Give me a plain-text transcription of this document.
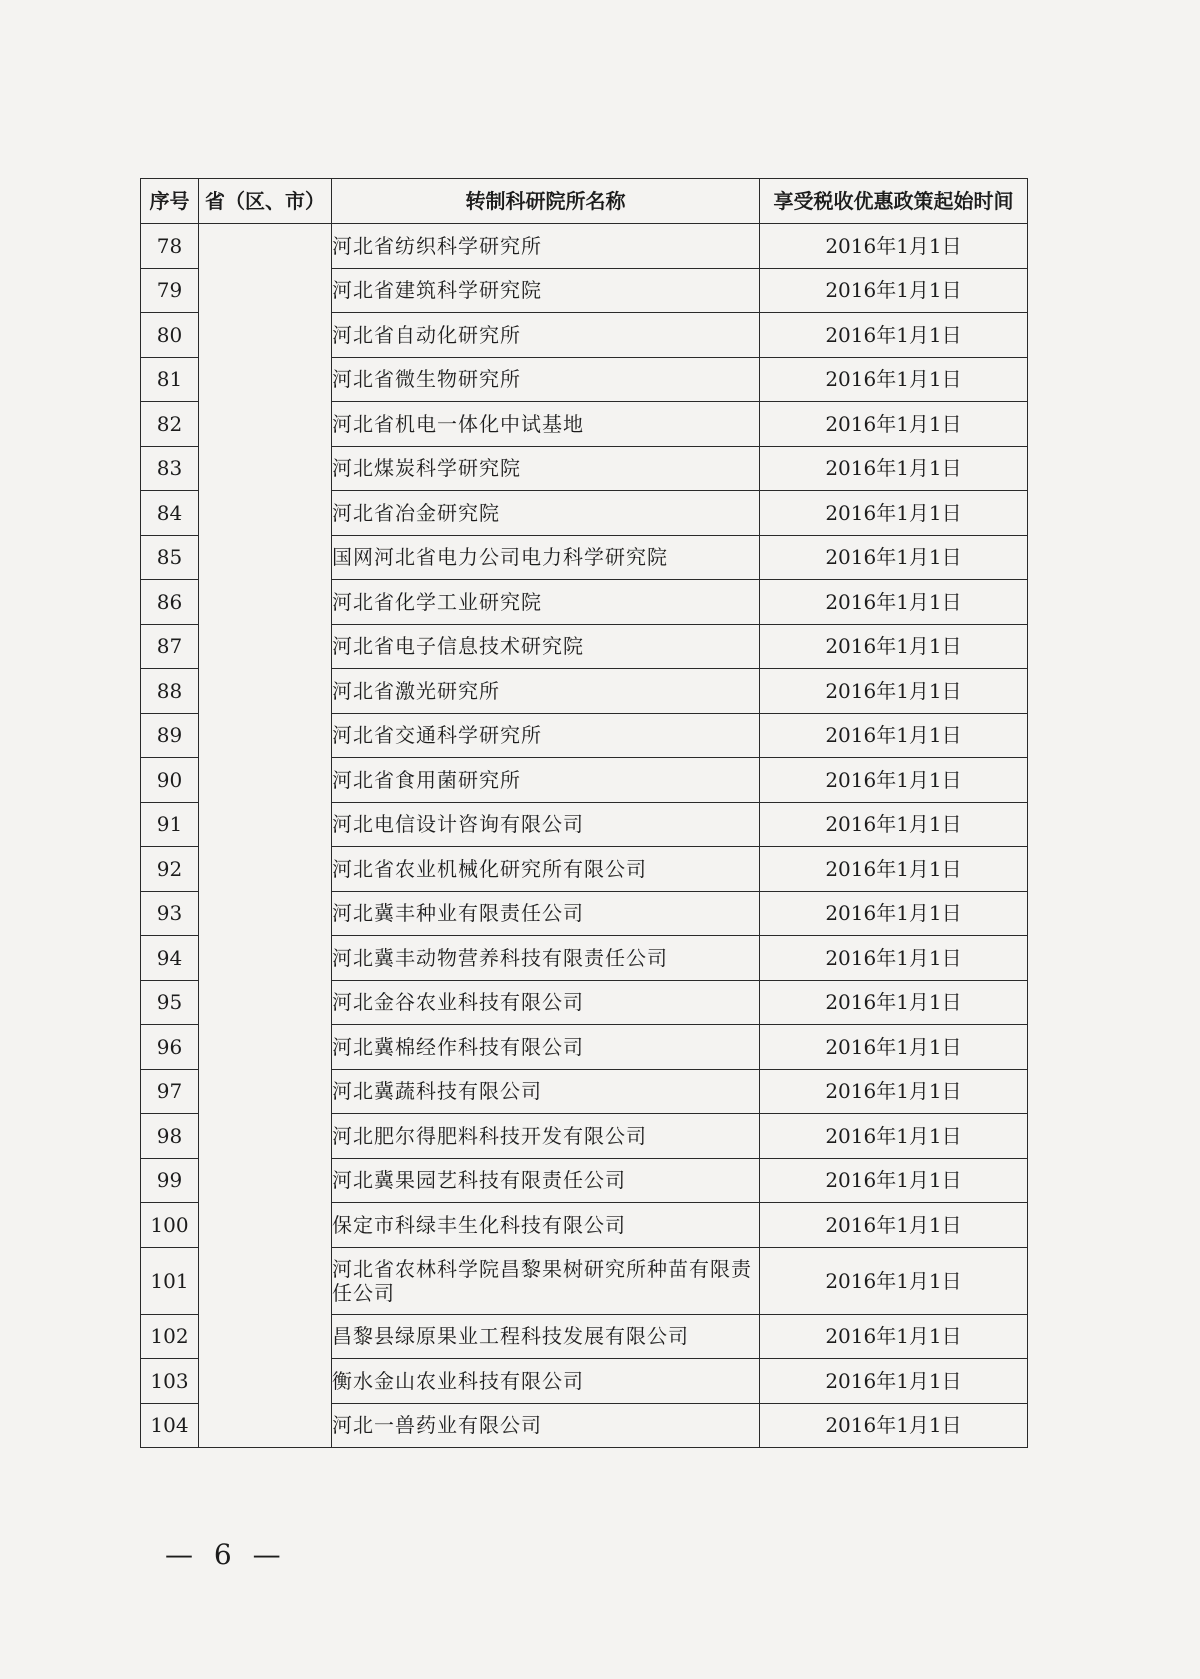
序号	省（区、市）	转制科研院所名称	享受税收优惠政策起始时间
78		河北省纺织科学研究所	2016年1月1日
79		河北省建筑科学研究院	2016年1月1日
80		河北省自动化研究所	2016年1月1日
81		河北省微生物研究所	2016年1月1日
82		河北省机电一体化中试基地	2016年1月1日
83		河北煤炭科学研究院	2016年1月1日
84		河北省冶金研究院	2016年1月1日
85		国网河北省电力公司电力科学研究院	2016年1月1日
86		河北省化学工业研究院	2016年1月1日
87		河北省电子信息技术研究院	2016年1月1日
88		河北省激光研究所	2016年1月1日
89		河北省交通科学研究所	2016年1月1日
90		河北省食用菌研究所	2016年1月1日
91		河北电信设计咨询有限公司	2016年1月1日
92		河北省农业机械化研究所有限公司	2016年1月1日
93		河北冀丰种业有限责任公司	2016年1月1日
94		河北冀丰动物营养科技有限责任公司	2016年1月1日
95		河北金谷农业科技有限公司	2016年1月1日
96		河北冀棉经作科技有限公司	2016年1月1日
97		河北冀蔬科技有限公司	2016年1月1日
98		河北肥尔得肥料科技开发有限公司	2016年1月1日
99		河北冀果园艺科技有限责任公司	2016年1月1日
100		保定市科绿丰生化科技有限公司	2016年1月1日
101		河北省农林科学院昌黎果树研究所种苗有限责任公司	2016年1月1日
102		昌黎县绿原果业工程科技发展有限公司	2016年1月1日
103		衡水金山农业科技有限公司	2016年1月1日
104		河北一兽药业有限公司	2016年1月1日
— 6 —
